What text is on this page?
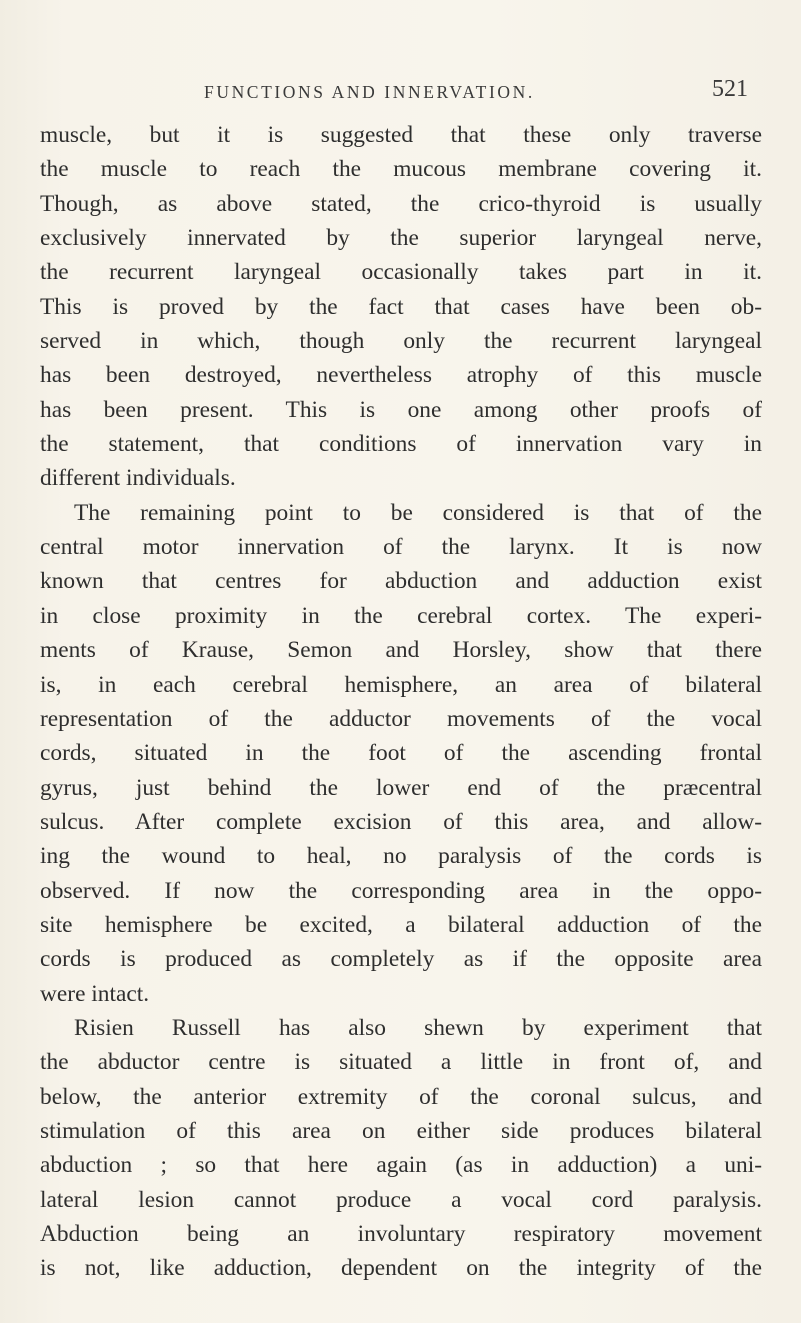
FUNCTIONS AND INNERVATION.	521
muscle, but it is suggested that these only traverse
the muscle to reach the mucous membrane covering it.
Though, as above stated, the crico-thyroid is usually
exclusively innervated by the superior laryngeal nerve,
the recurrent laryngeal occasionally takes part in it.
This is proved by the fact that cases have been ob-
served in which, though only the recurrent laryngeal
has been destroyed, nevertheless atrophy of this muscle
has been present. This is one among other proofs of
the statement, that conditions of innervation vary in
different individuals.
The remaining point to be considered is that of the
central motor innervation of the larynx. It is now
known that centres for abduction and adduction exist
in close proximity in the cerebral cortex. The experi-
ments of Krause, Semon and Horsley, show that there
is, in each cerebral hemisphere, an area of bilateral
representation of the adductor movements of the vocal
cords, situated in the foot of the ascending frontal
gyrus, just behind the lower end of the præcentral
sulcus. After complete excision of this area, and allow-
ing the wound to heal, no paralysis of the cords is
observed. If now the corresponding area in the oppo-
site hemisphere be excited, a bilateral adduction of the
cords is produced as completely as if the opposite area
were intact.
Risien Russell has also shewn by experiment that
the abductor centre is situated a little in front of, and
below, the anterior extremity of the coronal sulcus, and
stimulation of this area on either side produces bilateral
abduction ; so that here again (as in adduction) a uni-
lateral lesion cannot produce a vocal cord paralysis.
Abduction being an involuntary respiratory movement
is not, like adduction, dependent on the integrity of the
